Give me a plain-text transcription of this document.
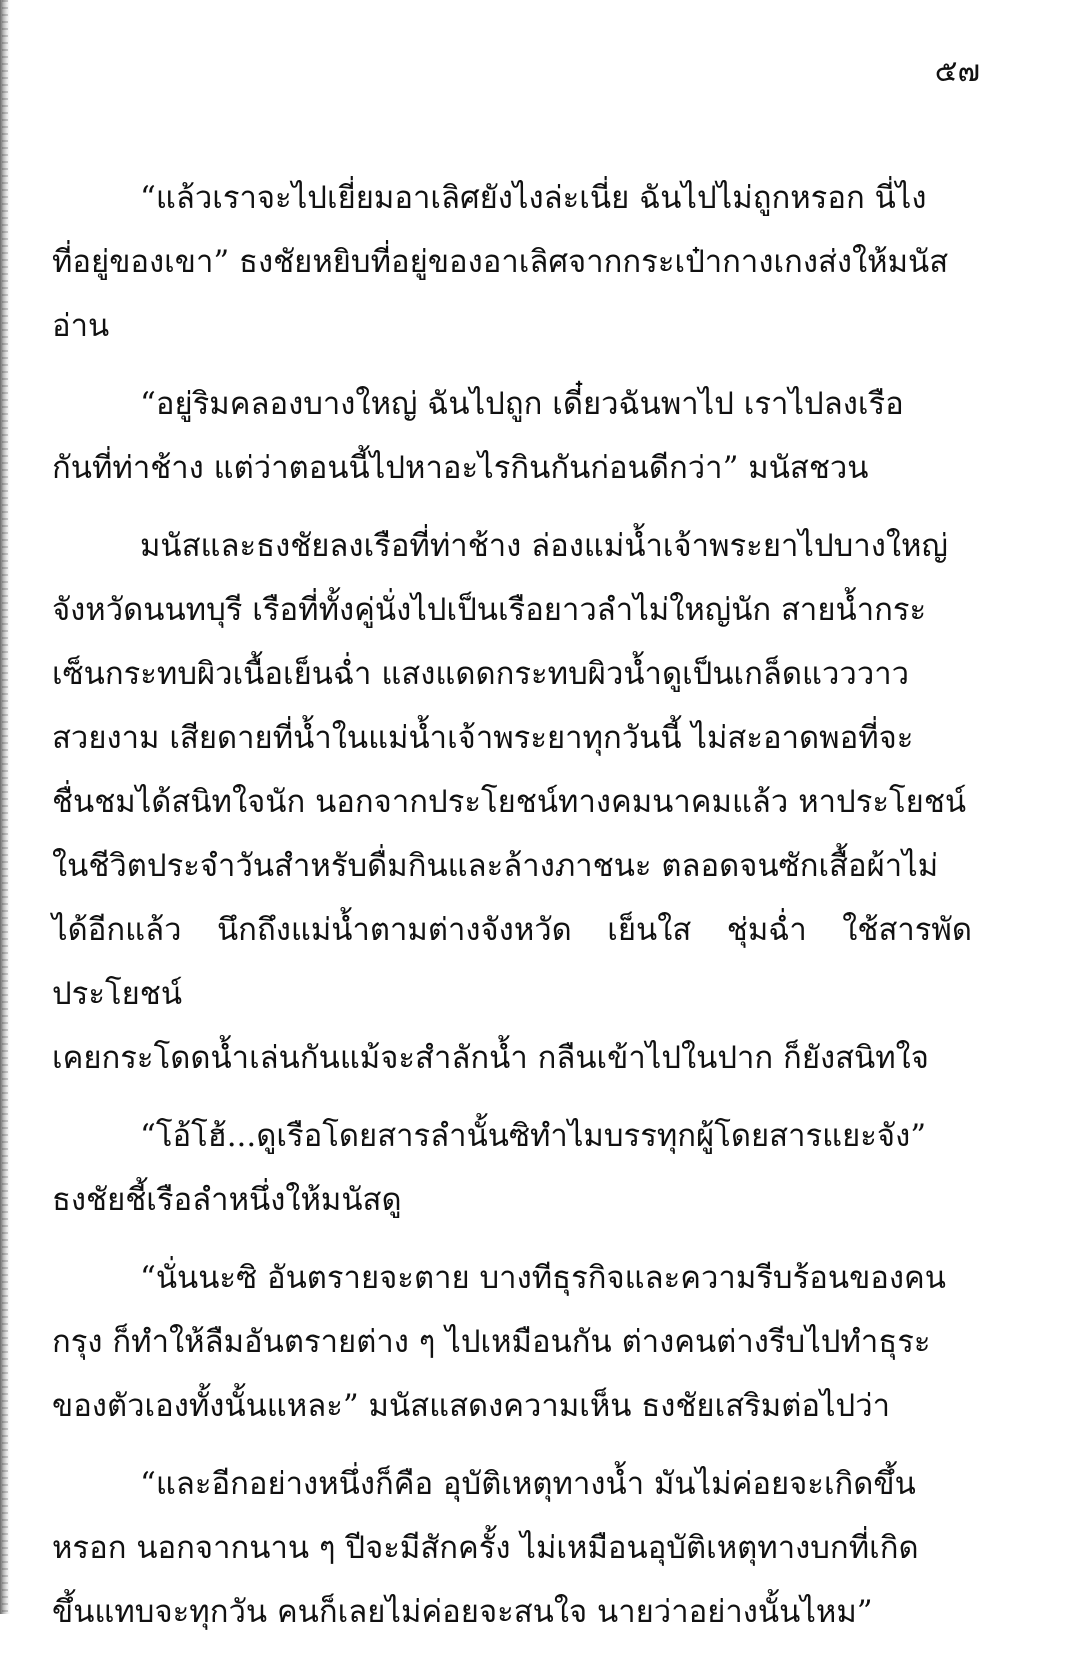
๕๗
“แล้วเราจะไปเยี่ยมอาเลิศยังไงล่ะเนี่ย ฉันไปไม่ถูกหรอก นี่ไง
ที่อยู่ของเขา” ธงชัยหยิบที่อยู่ของอาเลิศจากกระเป๋ากางเกงส่งให้มนัส
อ่าน
“อยู่ริมคลองบางใหญ่ ฉันไปถูก เดี๋ยวฉันพาไป เราไปลงเรือ
กันที่ท่าช้าง แต่ว่าตอนนี้ไปหาอะไรกินกันก่อนดีกว่า” มนัสชวน
มนัสและธงชัยลงเรือที่ท่าช้าง ล่องแม่น้ำเจ้าพระยาไปบางใหญ่
จังหวัดนนทบุรี เรือที่ทั้งคู่นั่งไปเป็นเรือยาวลำไม่ใหญ่นัก สายน้ำกระ
เซ็นกระทบผิวเนื้อเย็นฉ่ำ แสงแดดกระทบผิวน้ำดูเป็นเกล็ดแวววาว
สวยงาม เสียดายที่น้ำในแม่น้ำเจ้าพระยาทุกวันนี้ ไม่สะอาดพอที่จะ
ชื่นชมได้สนิทใจนัก นอกจากประโยชน์ทางคมนาคมแล้ว หาประโยชน์
ในชีวิตประจำวันสำหรับดื่มกินและล้างภาชนะ ตลอดจนซักเสื้อผ้าไม่
ได้อีกแล้ว นึกถึงแม่น้ำตามต่างจังหวัด เย็นใส ชุ่มฉ่ำ ใช้สารพัดประโยชน์
เคยกระโดดน้ำเล่นกันแม้จะสำลักน้ำ กลืนเข้าไปในปาก ก็ยังสนิทใจ
“โอ้โฮ้...ดูเรือโดยสารลำนั้นซิทำไมบรรทุกผู้โดยสารแยะจัง”
ธงชัยชี้เรือลำหนึ่งให้มนัสดู
“นั่นนะซิ อันตรายจะตาย บางทีธุรกิจและความรีบร้อนของคน
กรุง ก็ทำให้ลืมอันตรายต่าง ๆ ไปเหมือนกัน ต่างคนต่างรีบไปทำธุระ
ของตัวเองทั้งนั้นแหละ” มนัสแสดงความเห็น ธงชัยเสริมต่อไปว่า
“และอีกอย่างหนึ่งก็คือ อุบัติเหตุทางน้ำ มันไม่ค่อยจะเกิดขึ้น
หรอก นอกจากนาน ๆ ปีจะมีสักครั้ง ไม่เหมือนอุบัติเหตุทางบกที่เกิด
ขึ้นแทบจะทุกวัน คนก็เลยไม่ค่อยจะสนใจ นายว่าอย่างนั้นไหม”
